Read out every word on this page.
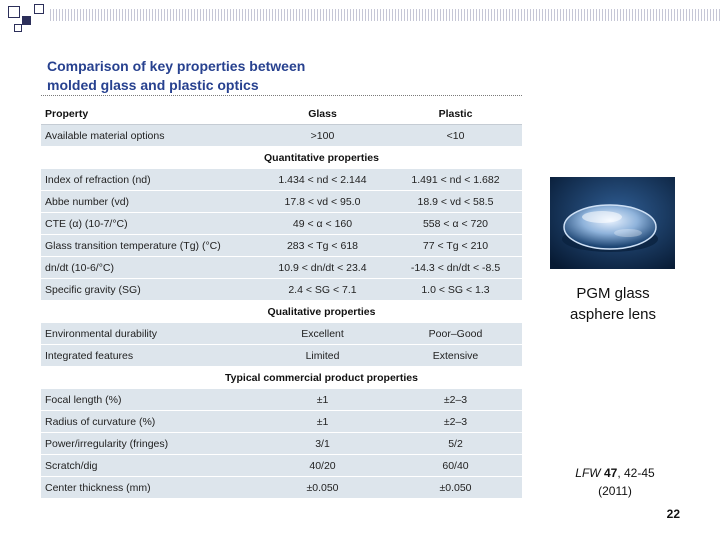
Comparison of key properties between
molded glass and plastic optics
Property	Glass	Plastic
Available material options	>100	<10
Quantitative properties		
Index of refraction (nd)	1.434 < nd < 2.144	1.491 < nd < 1.682
Abbe number (vd)	17.8 < vd < 95.0	18.9 < vd < 58.5
CTE (α) (10-7/°C)	49 < α < 160	558 < α < 720
Glass transition temperature (Tg) (°C)	283 < Tg < 618	77 < Tg < 210
dn/dt (10-6/°C)	10.9 < dn/dt < 23.4	-14.3 < dn/dt < -8.5
Specific gravity (SG)	2.4 < SG < 7.1	1.0 < SG < 1.3
Qualitative properties		
Environmental durability	Excellent	Poor–Good
Integrated features	Limited	Extensive
Typical commercial product properties		
Focal length (%)	±1	±2–3
Radius of curvature (%)	±1	±2–3
Power/irregularity (fringes)	3/1	5/2
Scratch/dig	40/20	60/40
Center thickness (mm)	±0.050	±0.050
PGM glass
asphere lens
LFW 47, 42-45
(2011)
22
